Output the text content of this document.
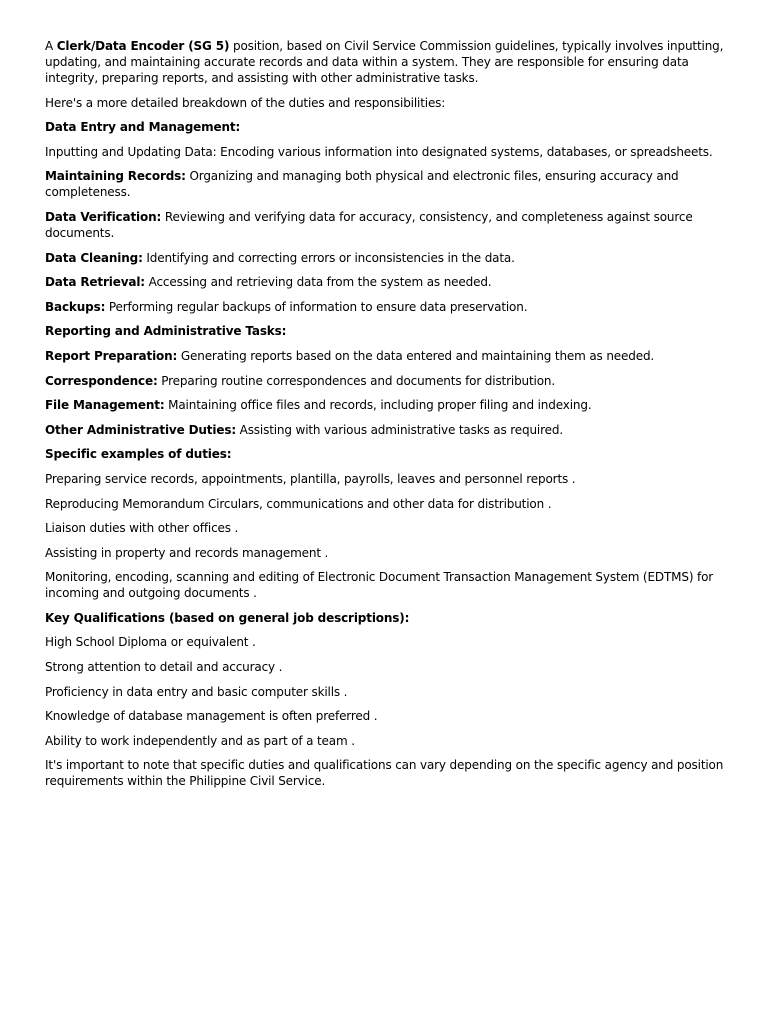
A Clerk/Data Encoder (SG 5) position, based on Civil Service Commission guidelines, typically involves inputting, updating, and maintaining accurate records and data within a system. They are responsible for ensuring data integrity, preparing reports, and assisting with other administrative tasks.

Here's a more detailed breakdown of the duties and responsibilities:

Data Entry and Management:

Inputting and Updating Data: Encoding various information into designated systems, databases, or spreadsheets.

Maintaining Records: Organizing and managing both physical and electronic files, ensuring accuracy and completeness.

Data Verification: Reviewing and verifying data for accuracy, consistency, and completeness against source documents.

Data Cleaning: Identifying and correcting errors or inconsistencies in the data.

Data Retrieval: Accessing and retrieving data from the system as needed.

Backups: Performing regular backups of information to ensure data preservation.

Reporting and Administrative Tasks:

Report Preparation: Generating reports based on the data entered and maintaining them as needed.

Correspondence: Preparing routine correspondences and documents for distribution.

File Management: Maintaining office files and records, including proper filing and indexing.

Other Administrative Duties: Assisting with various administrative tasks as required.

Specific examples of duties:

Preparing service records, appointments, plantilla, payrolls, leaves and personnel reports .

Reproducing Memorandum Circulars, communications and other data for distribution .

Liaison duties with other offices .

Assisting in property and records management .

Monitoring, encoding, scanning and editing of Electronic Document Transaction Management System (EDTMS) for incoming and outgoing documents .

Key Qualifications (based on general job descriptions):

High School Diploma or equivalent .

Strong attention to detail and accuracy .

Proficiency in data entry and basic computer skills .

Knowledge of database management is often preferred .

Ability to work independently and as part of a team .

It's important to note that specific duties and qualifications can vary depending on the specific agency and position requirements within the Philippine Civil Service.
